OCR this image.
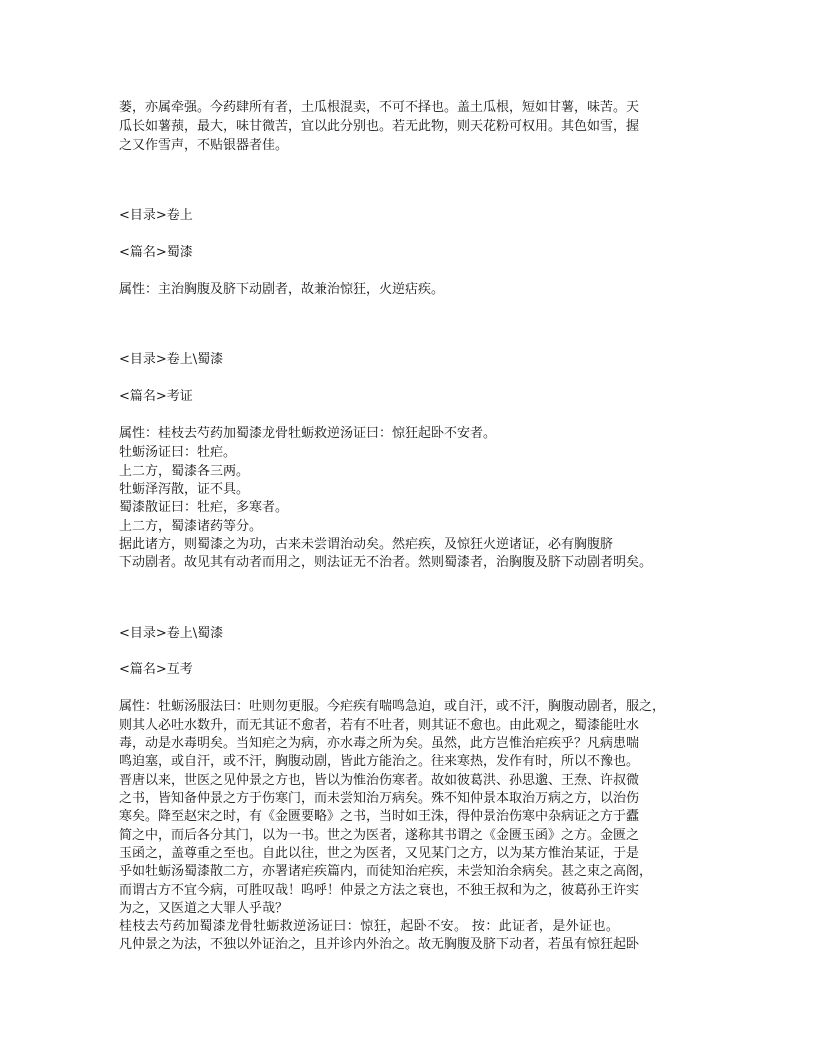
蒌，亦属牵强。今药肆所有者，土瓜根混卖，不可不择也。盖土瓜根，短如甘薯，味苦。天
瓜长如薯蓣，最大，味甘微苦，宜以此分别也。若无此物，则天花粉可权用。其色如雪，握
之又作雪声，不贴银器者佳。
<目录>卷上
<篇名>蜀漆
属性：主治胸腹及脐下动剧者，故兼治惊狂，火逆痁疾。
<目录>卷上\蜀漆
<篇名>考证
属性：桂枝去芍药加蜀漆龙骨牡蛎救逆汤证曰：惊狂起卧不安者。
牡蛎汤证曰：牡疟。
上二方，蜀漆各三两。
牡蛎泽泻散，证不具。
蜀漆散证曰：牡疟，多寒者。
上二方，蜀漆诸药等分。
据此诸方，则蜀漆之为功，古来未尝谓治动矣。然疟疾，及惊狂火逆诸证，必有胸腹脐
下动剧者。故见其有动者而用之，则法证无不治者。然则蜀漆者，治胸腹及脐下动剧者明矣。
<目录>卷上\蜀漆
<篇名>互考
属性：牡蛎汤服法曰：吐则勿更服。今疟疾有喘鸣急迫，或自汗，或不汗，胸腹动剧者，服之，
则其人必吐水数升，而无其证不愈者，若有不吐者，则其证不愈也。由此观之，蜀漆能吐水
毒，动是水毒明矣。当知疟之为病，亦水毒之所为矣。虽然，此方岂惟治疟疾乎？凡病患喘
鸣迫塞，或自汗，或不汗，胸腹动剧，皆此方能治之。往来寒热，发作有时，所以不豫也。
晋唐以来，世医之见仲景之方也，皆以为惟治伤寒者。故如彼葛洪、孙思邈、王焘、许叔微
之书，皆知备仲景之方于伤寒门，而未尝知治万病矣。殊不知仲景本取治万病之方，以治伤
寒矣。降至赵宋之时，有《金匮要略》之书，当时如王洙，得仲景治伤寒中杂病证之方于蠹
简之中，而后各分其门，以为一书。世之为医者，遂称其书谓之《金匮玉函》之方。金匮之
玉函之，盖尊重之至也。自此以往，世之为医者，又见某门之方，以为某方惟治某证，于是
乎如牡蛎汤蜀漆散二方，亦署诸疟疾篇内，而徒知治疟疾，未尝知治余病矣。甚之束之高阁，
而谓古方不宜今病，可胜叹哉！呜呼！仲景之方法之衰也，不独王叔和为之，彼葛孙王许实
为之，又医道之大罪人乎哉？
桂枝去芍药加蜀漆龙骨牡蛎救逆汤证曰：惊狂，起卧不安。 按：此证者，是外证也。
凡仲景之为法，不独以外证治之，且并诊内外治之。故无胸腹及脐下动者，若虽有惊狂起卧
